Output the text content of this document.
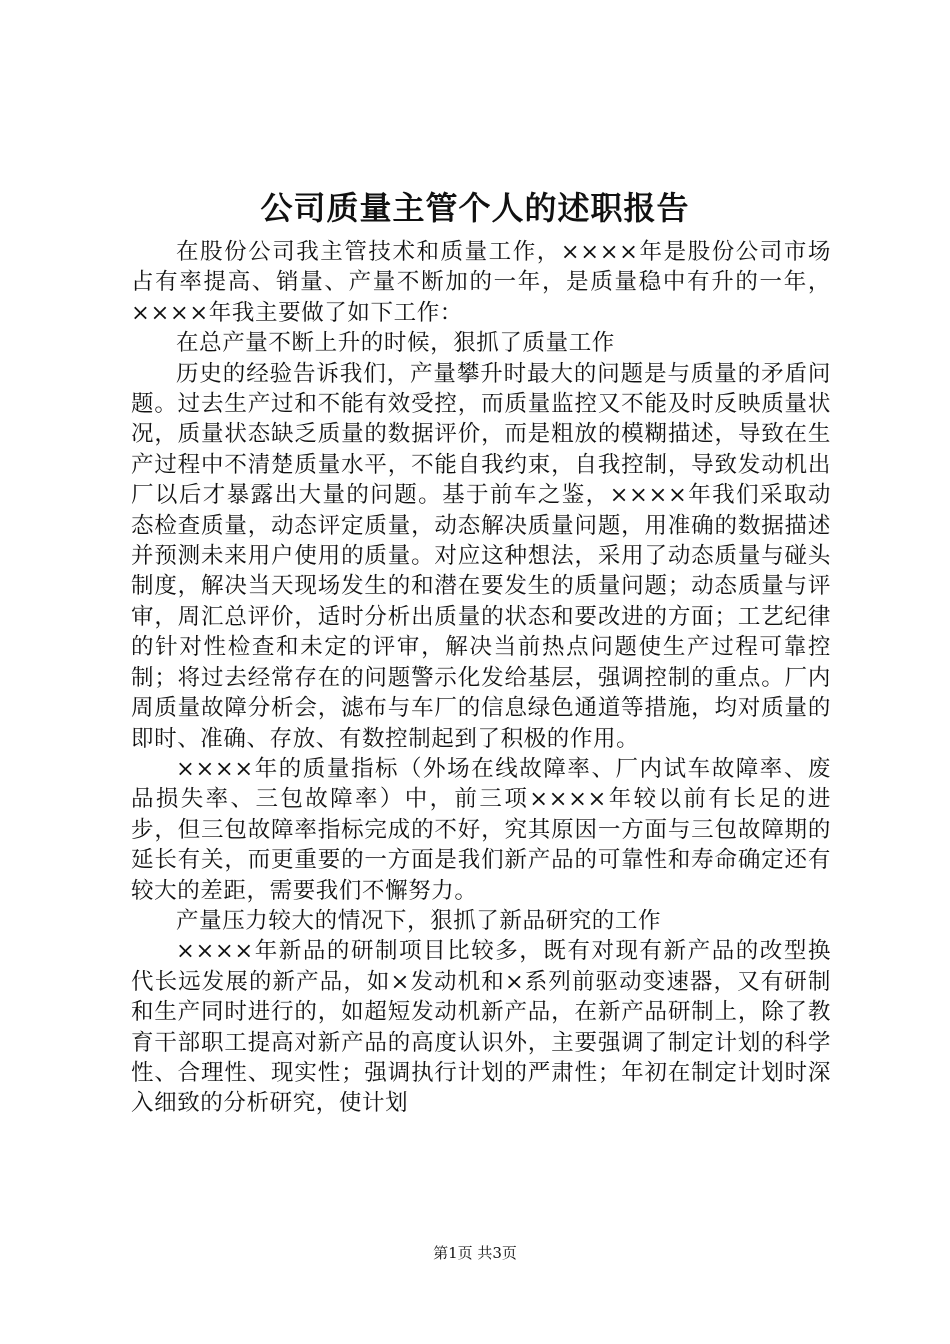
公司质量主管个人的述职报告

在股份公司我主管技术和质量工作，××××年是股份公司市场占有率提高、销量、产量不断加的一年，是质量稳中有升的一年，××××年我主要做了如下工作：

在总产量不断上升的时候，狠抓了质量工作

历史的经验告诉我们，产量攀升时最大的问题是与质量的矛盾问题。过去生产过和不能有效受控，而质量监控又不能及时反映质量状况，质量状态缺乏质量的数据评价，而是粗放的模糊描述，导致在生产过程中不清楚质量水平，不能自我约束，自我控制，导致发动机出厂以后才暴露出大量的问题。基于前车之鉴，××××年我们采取动态检查质量，动态评定质量，动态解决质量问题，用准确的数据描述并预测未来用户使用的质量。对应这种想法，采用了动态质量与碰头制度，解决当天现场发生的和潜在要发生的质量问题；动态质量与评审，周汇总评价，适时分析出质量的状态和要改进的方面；工艺纪律的针对性检查和未定的评审，解决当前热点问题使生产过程可靠控制；将过去经常存在的问题警示化发给基层，强调控制的重点。厂内周质量故障分析会，滤布与车厂的信息绿色通道等措施，均对质量的即时、准确、存放、有数控制起到了积极的作用。

××××年的质量指标（外场在线故障率、厂内试车故障率、废品损失率、三包故障率）中，前三项××××年较以前有长足的进步，但三包故障率指标完成的不好，究其原因一方面与三包故障期的延长有关，而更重要的一方面是我们新产品的可靠性和寿命确定还有较大的差距，需要我们不懈努力。

产量压力较大的情况下，狠抓了新品研究的工作

××××年新品的研制项目比较多，既有对现有新产品的改型换代长远发展的新产品，如×发动机和×系列前驱动变速器，又有研制和生产同时进行的，如超短发动机新产品，在新产品研制上，除了教育干部职工提高对新产品的高度认识外，主要强调了制定计划的科学性、合理性、现实性；强调执行计划的严肃性；年初在制定计划时深入细致的分析研究，使计划

第1页 共3页
